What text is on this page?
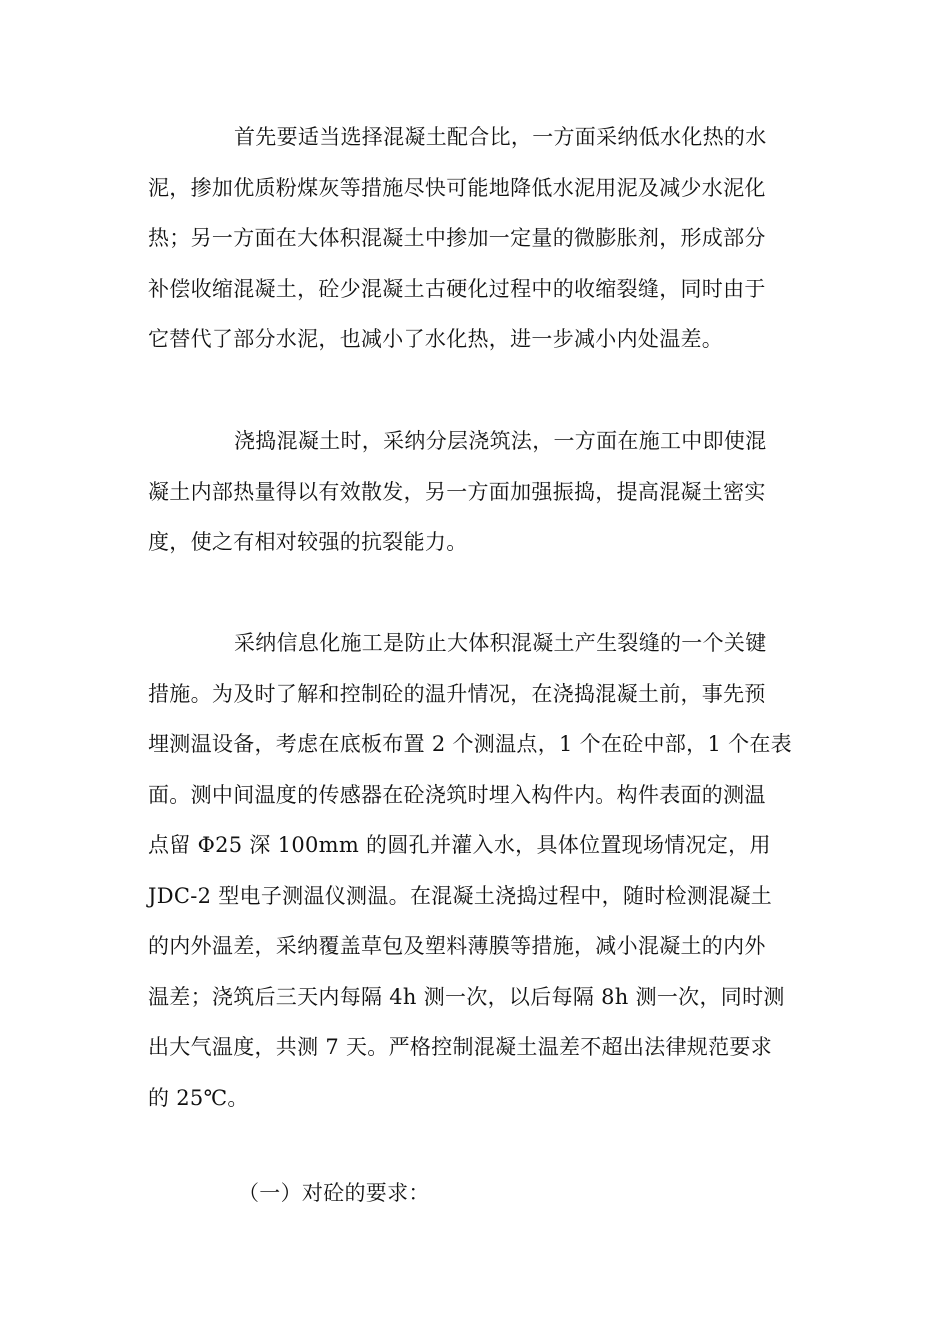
首先要适当选择混凝土配合比，一方面采纳低水化热的水
泥，掺加优质粉煤灰等措施尽快可能地降低水泥用泥及减少水泥化
热；另一方面在大体积混凝土中掺加一定量的微膨胀剂，形成部分
补偿收缩混凝土，砼少混凝土古硬化过程中的收缩裂缝，同时由于
它替代了部分水泥，也减小了水化热，进一步减小内处温差。

浇捣混凝土时，采纳分层浇筑法，一方面在施工中即使混
凝土内部热量得以有效散发，另一方面加强振捣，提高混凝土密实
度，使之有相对较强的抗裂能力。

采纳信息化施工是防止大体积混凝土产生裂缝的一个关键
措施。为及时了解和控制砼的温升情况，在浇捣混凝土前，事先预
埋测温设备，考虑在底板布置 2 个测温点，1 个在砼中部，1 个在表
面。测中间温度的传感器在砼浇筑时埋入构件内。构件表面的测温
点留 Φ25 深 100mm 的圆孔并灌入水，具体位置现场情况定，用
JDC-2 型电子测温仪测温。在混凝土浇捣过程中，随时检测混凝土
的内外温差，采纳覆盖草包及塑料薄膜等措施，减小混凝土的内外
温差；浇筑后三天内每隔 4h 测一次，以后每隔 8h 测一次，同时测
出大气温度，共测 7 天。严格控制混凝土温差不超出法律规范要求
的 25℃。

（一）对砼的要求：
